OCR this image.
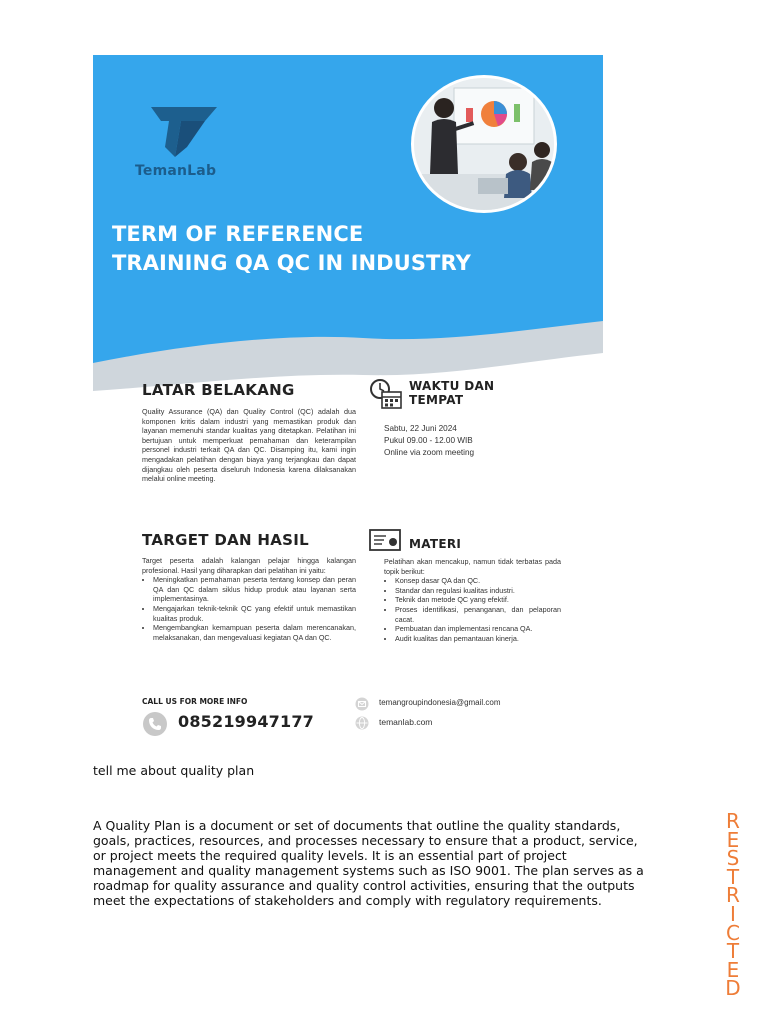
TemanLab
TERM OF REFERENCE
TRAINING QA QC IN INDUSTRY
LATAR BELAKANG
Quality Assurance (QA) dan Quality Control (QC) adalah dua komponen kritis dalam industri yang memastikan produk dan layanan memenuhi standar kualitas yang ditetapkan. Pelatihan ini bertujuan untuk memperkuat pemahaman dan keterampilan personel industri terkait QA dan QC. Disamping itu, kami ingin mengadakan pelatihan dengan biaya yang terjangkau dan dapat dijangkau oleh peserta diseluruh Indonesia karena dilaksanakan melalui online meeting.
WAKTU DAN
TEMPAT
Sabtu, 22 Juni 2024
Pukul 09.00 - 12.00 WIB
Online via zoom meeting
TARGET DAN HASIL
Target peserta adalah kalangan pelajar hingga kalangan profesional. Hasil yang diharapkan dari pelatihan ini yaitu:
• Meningkatkan pemahaman peserta tentang konsep dan peran QA dan QC dalam siklus hidup produk atau layanan serta implementasinya.
• Mengajarkan teknik-teknik QC yang efektif untuk memastikan kualitas produk.
• Mengembangkan kemampuan peserta dalam merencanakan, melaksanakan, dan mengevaluasi kegiatan QA dan QC.
MATERI
Pelatihan akan mencakup, namun tidak terbatas pada topik berikut:
• Konsep dasar QA dan QC.
• Standar dan regulasi kualitas industri.
• Teknik dan metode QC yang efektif.
• Proses identifikasi, penanganan, dan pelaporan cacat.
• Pembuatan dan implementasi rencana QA.
• Audit kualitas dan pemantauan kinerja.
CALL US FOR MORE INFO
085219947177
temangroupindonesia@gmail.com
temanlab.com
tell me about quality plan
A Quality Plan is a document or set of documents that outline the quality standards,
goals, practices, resources, and processes necessary to ensure that a product, service,
or project meets the required quality levels. It is an essential part of project
management and quality management systems such as ISO 9001. The plan serves as a
roadmap for quality assurance and quality control activities, ensuring that the outputs
meet the expectations of stakeholders and comply with regulatory requirements.
R
E
S
T
R
I
C
T
E
D
